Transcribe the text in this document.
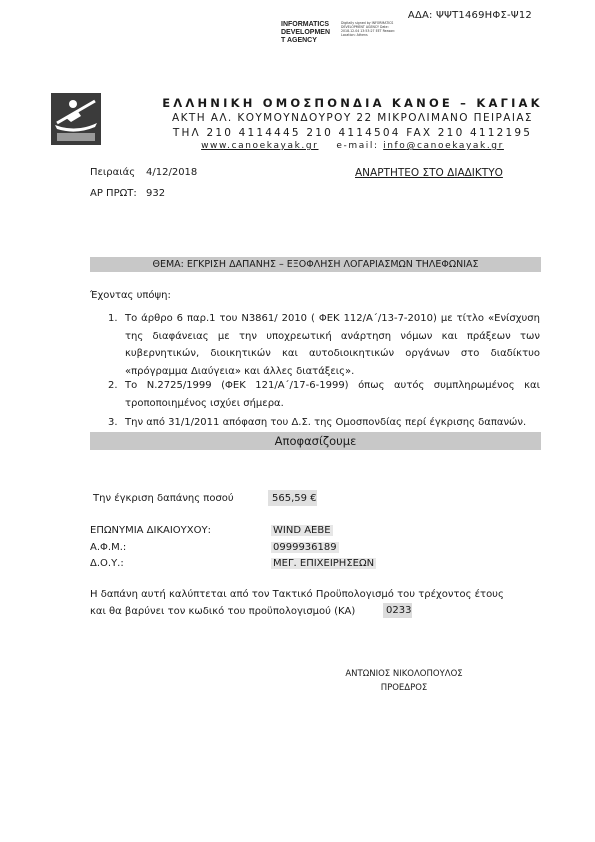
ΑΔΑ: ΨΨΤ1469ΗΦΣ-Ψ12
INFORMATICS
DEVELOPMEN
T AGENCY
Digitally signed by INFORMATICS DEVELOPMENT AGENCY Date: 2018.12.04 13:53:27 EET Reason: Location: Athens
ΕΛΛΗΝΙΚΗ ΟΜΟΣΠΟΝΔΙΑ ΚΑΝΟΕ – ΚΑΓΙΑΚ
ΑΚΤΗ ΑΛ. ΚΟΥΜΟΥΝΔΟΥΡΟΥ 22 ΜΙΚΡΟΛΙΜΑΝΟ ΠΕΙΡΑΙΑΣ
ΤΗΛ 210 4114445 210 4114504 FAX 210 4112195
www.canoekayak.gr e-mail: info@canoekayak.gr
Πειραιάς 4/12/2018	ΑΝΑΡΤΗΤΕΟ ΣΤΟ ΔΙΑΔΙΚΤΥΟ
ΑΡ ΠΡΩΤ: 932
ΘΕΜΑ: ΕΓΚΡΙΣΗ ΔΑΠΑΝΗΣ – ΕΞΟΦΛΗΣΗ ΛΟΓΑΡΙΑΣΜΩΝ ΤΗΛΕΦΩΝΙΑΣ
Έχοντας υπόψη:
1. Το άρθρο 6 παρ.1 του Ν3861/ 2010 ( ΦΕΚ 112/Α΄/13-7-2010) με τίτλο «Ενίσχυση της διαφάνειας με την υποχρεωτική ανάρτηση νόμων και πράξεων των κυβερνητικών, διοικητικών και αυτοδιοικητικών οργάνων στο διαδίκτυο «πρόγραμμα Διαύγεια» και άλλες διατάξεις».
2. Το Ν.2725/1999 (ΦΕΚ 121/Α΄/17-6-1999) όπως αυτός συμπληρωμένος και τροποποιημένος ισχύει σήμερα.
3. Την από 31/1/2011 απόφαση του Δ.Σ. της Ομοσπονδίας περί έγκρισης δαπανών.
Αποφασίζουμε
Την έγκριση δαπάνης ποσού	565,59 €
ΕΠΩΝΥΜΙΑ ΔΙΚΑΙΟΥΧΟΥ:	WIND AEBE
Α.Φ.Μ.:	0999936189
Δ.Ο.Υ.:	ΜΕΓ. ΕΠΙΧΕΙΡΗΣΕΩΝ
Η δαπάνη αυτή καλύπτεται από τον Τακτικό Προϋπολογισμό του τρέχοντος έτους
και θα βαρύνει τον κωδικό του προϋπολογισμού (ΚΑ)	0233
ΑΝΤΩΝΙΟΣ ΝΙΚΟΛΟΠΟΥΛΟΣ
ΠΡΟΕΔΡΟΣ
